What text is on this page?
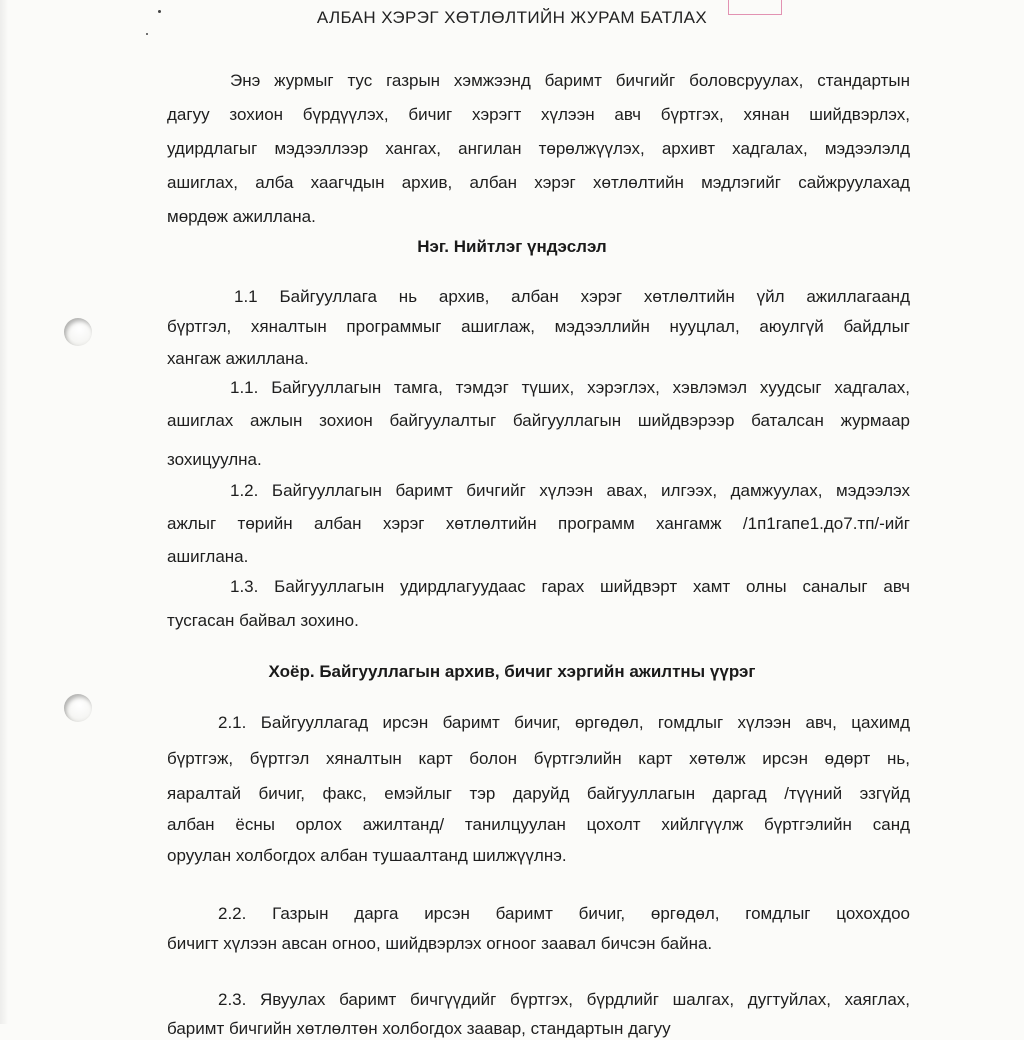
АЛБАН ХЭРЭГ ХӨТЛӨЛТИЙН ЖУРАМ БАТЛАХ
Энэ журмыг тус газрын хэмжээнд баримт бичгийг боловсруулах, стандартын
дагуу зохион бүрдүүлэх, бичиг хэрэгт хүлээн авч бүртгэх, хянан шийдвэрлэх,
удирдлагыг мэдээллээр хангах, ангилан төрөлжүүлэх, архивт хадгалах, мэдээлэлд
ашиглах, алба хаагчдын архив, албан хэрэг хөтлөлтийн мэдлэгийг сайжруулахад
мөрдөж ажиллана.
Нэг. Нийтлэг үндэслэл
1.1 Байгууллага нь архив, албан хэрэг хөтлөлтийн үйл ажиллагаанд
бүртгэл, хяналтын программыг ашиглаж, мэдээллийн нууцлал, аюулгүй байдлыг
хангаж ажиллана.
1.1. Байгууллагын тамга, тэмдэг түших, хэрэглэх, хэвлэмэл хуудсыг хадгалах,
ашиглах ажлын зохион байгуулалтыг байгууллагын шийдвэрээр баталсан журмаар
зохицуулна.
1.2. Байгууллагын баримт бичгийг хүлээн авах, илгээх, дамжуулах, мэдээлэх
ажлыг төрийн албан хэрэг хөтлөлтийн программ хангамж /1п1гапе1.до7.тп/-ийг
ашиглана.
1.3. Байгууллагын удирдлагуудаас гарах шийдвэрт хамт олны саналыг авч
тусгасан байвал зохино.
Хоёр. Байгууллагын архив, бичиг хэргийн ажилтны үүрэг
2.1. Байгууллагад ирсэн баримт бичиг, өргөдөл, гомдлыг хүлээн авч, цахимд
бүртгэж, бүртгэл хяналтын карт болон бүртгэлийн карт хөтөлж ирсэн өдөрт нь,
яаралтай бичиг, факс, емэйлыг тэр даруйд байгууллагын даргад /түүний эзгүйд
албан ёсны орлох ажилтанд/ танилцуулан цохолт хийлгүүлж бүртгэлийн санд
оруулан холбогдох албан тушаалтанд шилжүүлнэ.
2.2. Газрын дарга ирсэн баримт бичиг, өргөдөл, гомдлыг цохохдоо
бичигт хүлээн авсан огноо, шийдвэрлэх огноог заавал бичсэн байна.
2.3. Явуулах баримт бичгүүдийг бүртгэх, бүрдлийг шалгах, дугтуйлах, хаяглах,
баримт бичгийн хөтлөлтөн холбогдох заавар, стандартын дагуу
